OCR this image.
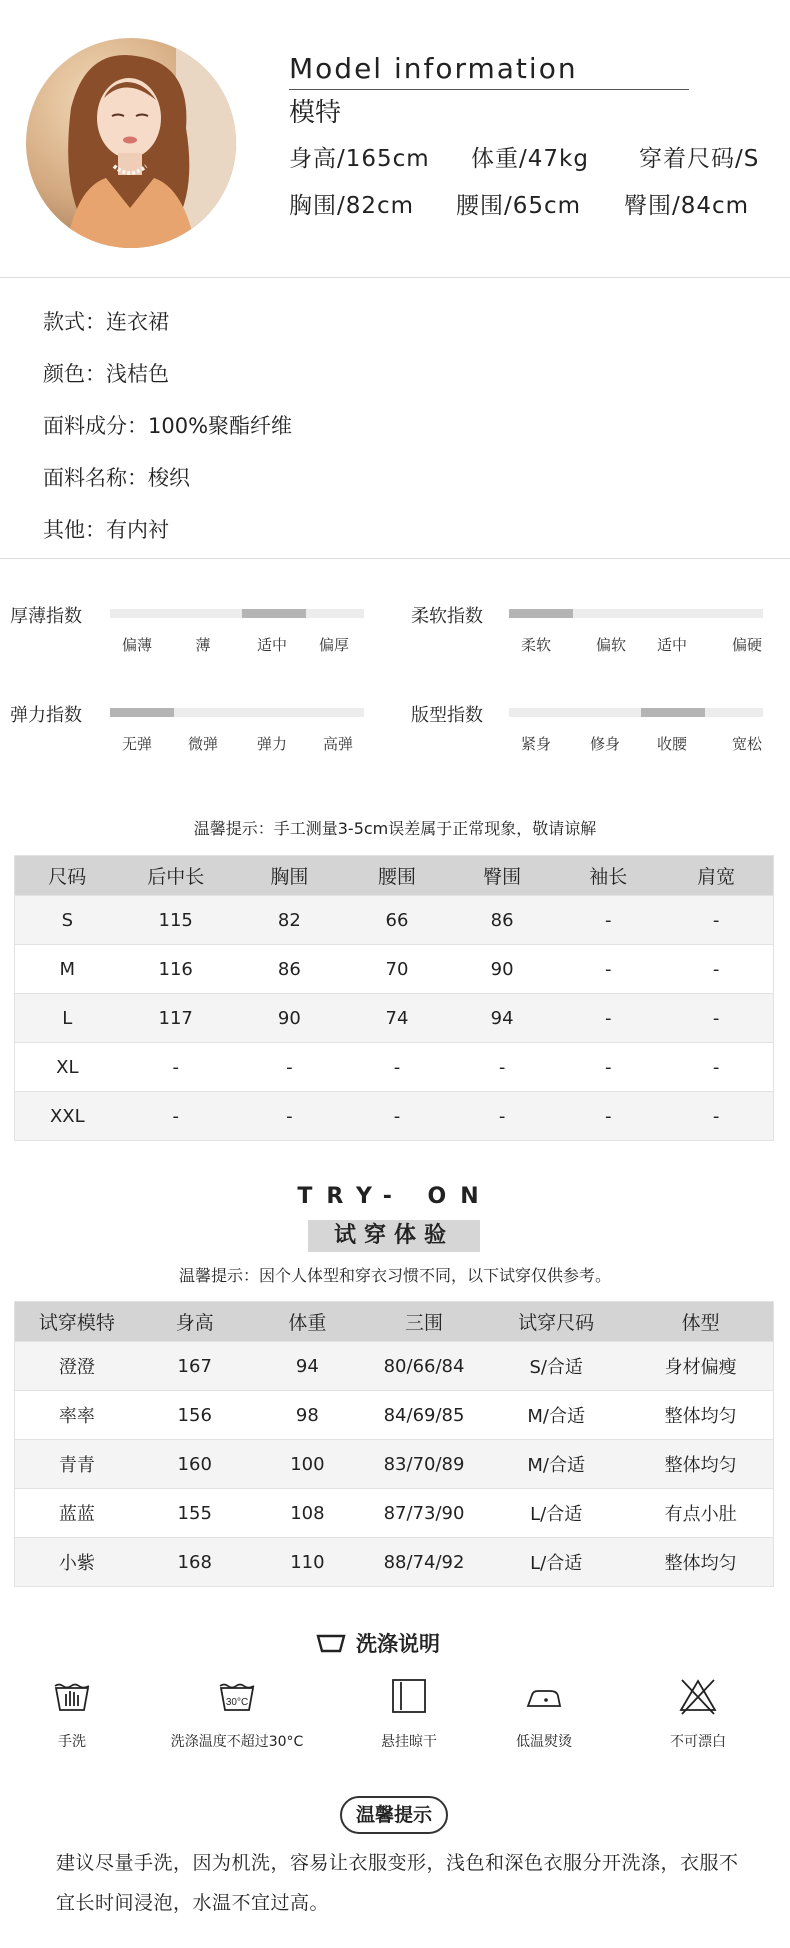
Model information
模特
身高/165cm 体重/47kg 穿着尺码/S
胸围/82cm 腰围/65cm 臀围/84cm
款式：连衣裙
颜色：浅桔色
面料成分：100%聚酯纤维
面料名称：梭织
其他：有内衬
厚薄指数
偏薄	薄	适中 偏厚
柔软指数
柔软	偏软 适中	偏硬
弹力指数
无弹 微弹	弹力 高弹
版型指数
紧身	修身 收腰	宽松
温馨提示：手工测量3-5cm误差属于正常现象，敬请谅解
尺码	后中长	胸围	腰围	臀围	袖长	肩宽
S	115	82	66	86	-	-
M	116	86	70	90	-	-
L	117	90	74	94	-	-
XL	-	-	-	-	-	-
XXL	-	-	-	-	-	-
TRY- ON
试穿体验
温馨提示：因个人体型和穿衣习惯不同，以下试穿仅供参考。
试穿模特	身高	体重	三围	试穿尺码	体型
澄澄	167	94	80/66/84	S/合适	身材偏瘦
率率	156	98	84/69/85	M/合适	整体均匀
青青	160	100	83/70/89	M/合适	整体均匀
蓝蓝	155	108	87/73/90	L/合适	有点小肚
小紫	168	110	88/74/92	L/合适	整体均匀
洗涤说明
30°C
手洗	洗涤温度不超过30°C	悬挂晾干	低温熨烫	不可漂白
温馨提示
建议尽量手洗，因为机洗，容易让衣服变形，浅色和深色衣服分开洗涤，衣服不宜长时间浸泡，水温不宜过高。
